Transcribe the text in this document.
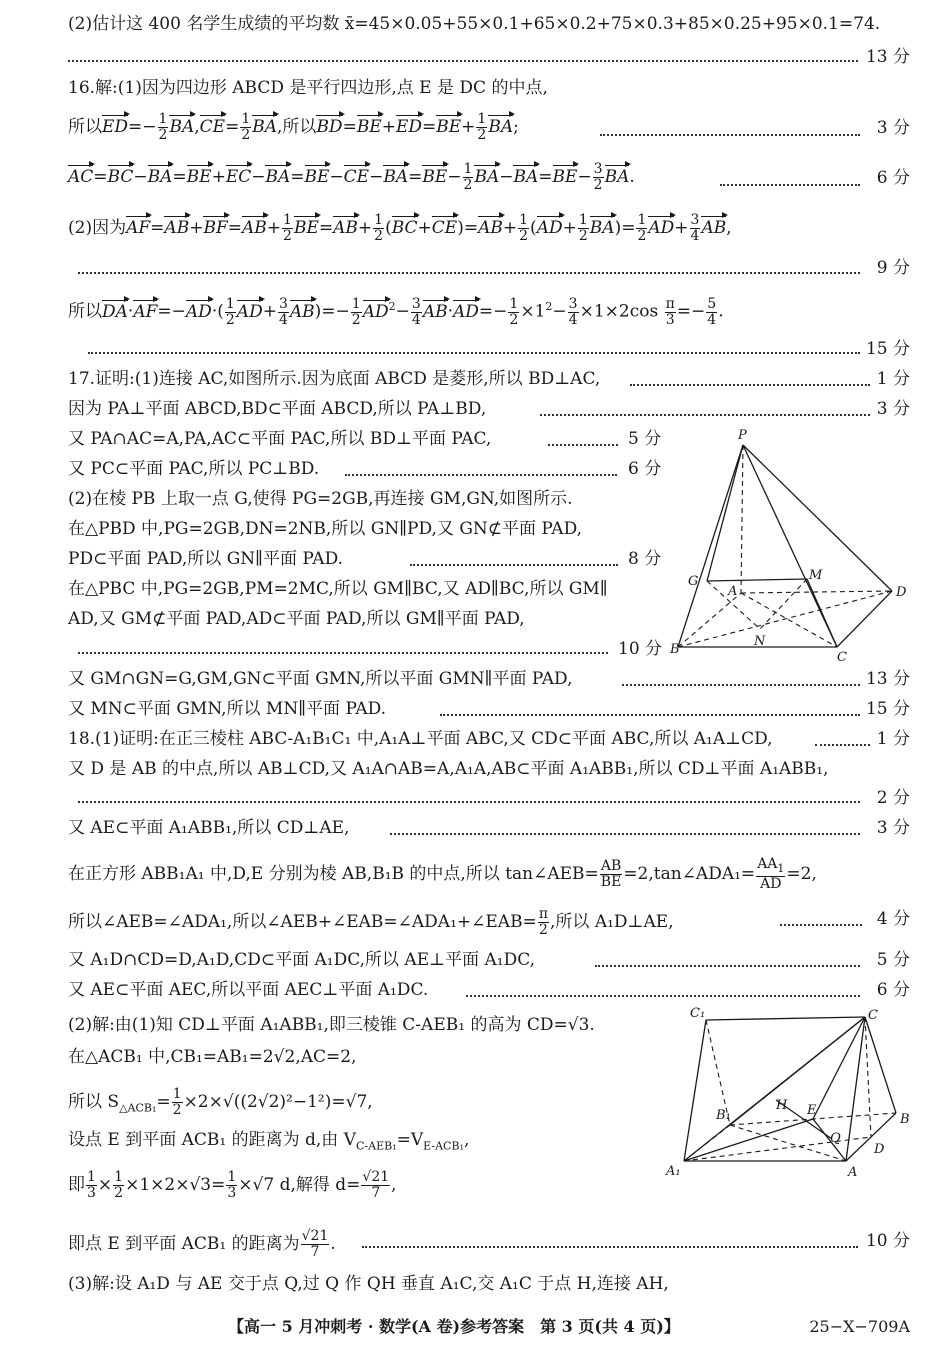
(2)估计这 400 名学生成绩的平均数 x̄=45×0.05+55×0.1+65×0.2+75×0.3+85×0.25+95×0.1=74.
13 分
16.解:(1)因为四边形 ABCD 是平行四边形,点 E 是 DC 的中点,
所以$ED=- \frac{1}{2} BA,CE= \frac{1}{2}$ BA,所以$BD=BE+ED=BE+ \frac{1}{2}$ BA;	3 分
$AC=BC-BA=BE+EC-BA=BE-CE-BA=BE- \frac{1}{2} BA-BA=BE- \frac{3}{2}$ BA.	6 分
(2)因为$AF=AB+BF=AB+ \frac{1}{2} BE=AB+ \frac{1}{2} (BC+CE)=AB+ \frac{1}{2} (AD+ \frac{1}{2} BA)= \frac{1}{2} AD+ \frac{3}{4}$ AB,
9 分
所以$DA\cdot AF=-AD\cdot( \frac{1}{2} AD+ \frac{3}{4} AB)=- \frac{1}{2} AD^2- \frac{3}{4} AB\cdot AD=- \frac{1}{2} \times 1^2- \frac{3}{4} \times 1\times 2\cos \frac{\pi}{3} =- \frac{5}{4}$ .
15 分
17.证明:(1)连接 AC,如图所示.因为底面 ABCD 是菱形,所以 BD⊥AC,	1 分
因为 PA⊥平面 ABCD,BD⊂平面 ABCD,所以 PA⊥BD,	3 分
又 PA∩AC=A,PA,AC⊂平面 PAC,所以 BD⊥平面 PAC,	5 分
又 PC⊂平面 PAC,所以 PC⊥BD.	6 分
(2)在棱 PB 上取一点 G,使得 PG=2GB,再连接 GM,GN,如图所示.
在△PBD 中,PG=2GB,DN=2NB,所以 GN∥PD,又 GN⊄平面 PAD,
PD⊂平面 PAD,所以 GN∥平面 PAD.	8 分
在△PBC 中,PG=2GB,PM=2MC,所以 GM∥BC,又 AD∥BC,所以 GM∥
AD,又 GM⊄平面 PAD,AD⊂平面 PAD,所以 GM∥平面 PAD,
10 分
P
G	M
A	D
N
B
C
又 GM∩GN=G,GM,GN⊂平面 GMN,所以平面 GMN∥平面 PAD,	13 分
又 MN⊂平面 GMN,所以 MN∥平面 PAD.	15 分
18.(1)证明:在正三棱柱 ABC-A₁B₁C₁ 中,A₁A⊥平面 ABC,又 CD⊂平面 ABC,所以 A₁A⊥CD,	1 分
又 D 是 AB 的中点,所以 AB⊥CD,又 A₁A∩AB=A,A₁A,AB⊂平面 A₁ABB₁,所以 CD⊥平面 A₁ABB₁,
2 分
又 AE⊂平面 A₁ABB₁,所以 CD⊥AE,	3 分
在正方形 ABB₁A₁ 中,D,E 分别为棱 AB,B₁B 的中点,所以 tan∠AEB= $\frac{AB}{BE}$ =2,tan∠ADA₁= $\frac{AA_1}{AD} =2$,
所以∠AEB=∠ADA₁,所以∠AEB+∠EAB=∠ADA₁+∠EAB= $\frac{\pi}{2}$ ,所以 A₁D⊥AE,	4 分
又 A₁D∩CD=D,A₁D,CD⊂平面 A₁DC,所以 AE⊥平面 A₁DC,	5 分
又 AE⊂平面 AEC,所以平面 AEC⊥平面 A₁DC.	6 分
(2)解:由(1)知 CD⊥平面 A₁ABB₁,即三棱锥 C-AEB₁ 的高为 CD=√3.
在△ACB₁ 中,CB₁=AB₁=2√2,AC=2,
所以 $S_{\triangle ACB_1}= \frac{1}{2} \times 2\times√((2√2)^2-1^2)=√7$,
设点 E 到平面 ACB₁ 的距离为 d,由 $V_{C-AEB_1}=V_{E-ACB_1}$,
即 $\frac{1}{3} \times \frac{1}{2} \times 1\times 2\times√3= \frac{1}{3} \times√7$ d,解得 $d= \frac{√21}{7}$ ,
即点 E 到平面 ACB₁ 的距离为 $\frac{√21}{7}$ .	10 分
(3)解:设 A₁D 与 AE 交于点 Q,过 Q 作 QH 垂直 A₁C,交 A₁C 于点 H,连接 AH,
C₁	C
H E
B₁	B
Q
D
A₁	A
【高一 5 月冲刺考 · 数学(A 卷)参考答案　第 3 页(共 4 页)】	25−X−709A
